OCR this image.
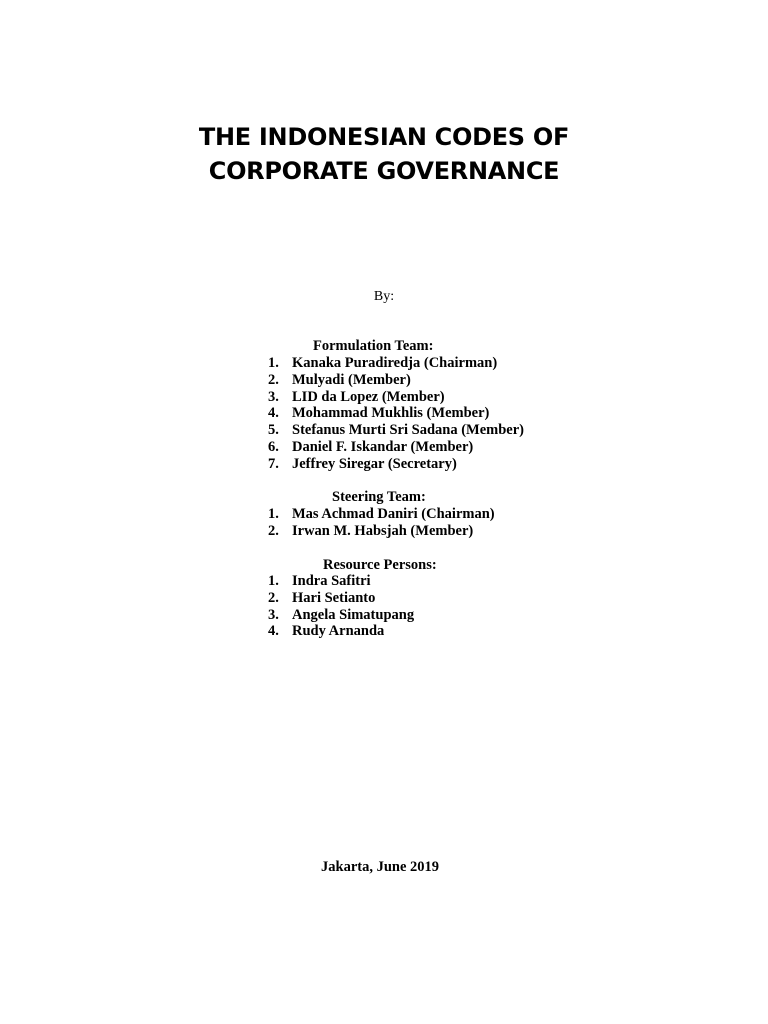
THE INDONESIAN CODES OF
CORPORATE GOVERNANCE
By:
Formulation Team:
1. Kanaka Puradiredja (Chairman)
2. Mulyadi (Member)
3. LID da Lopez (Member)
4. Mohammad Mukhlis (Member)
5. Stefanus Murti Sri Sadana (Member)
6. Daniel F. Iskandar (Member)
7. Jeffrey Siregar (Secretary)
Steering Team:
1. Mas Achmad Daniri (Chairman)
2. Irwan M. Habsjah (Member)
Resource Persons:
1. Indra Safitri
2. Hari Setianto
3. Angela Simatupang
4. Rudy Arnanda
Jakarta, June 2019
